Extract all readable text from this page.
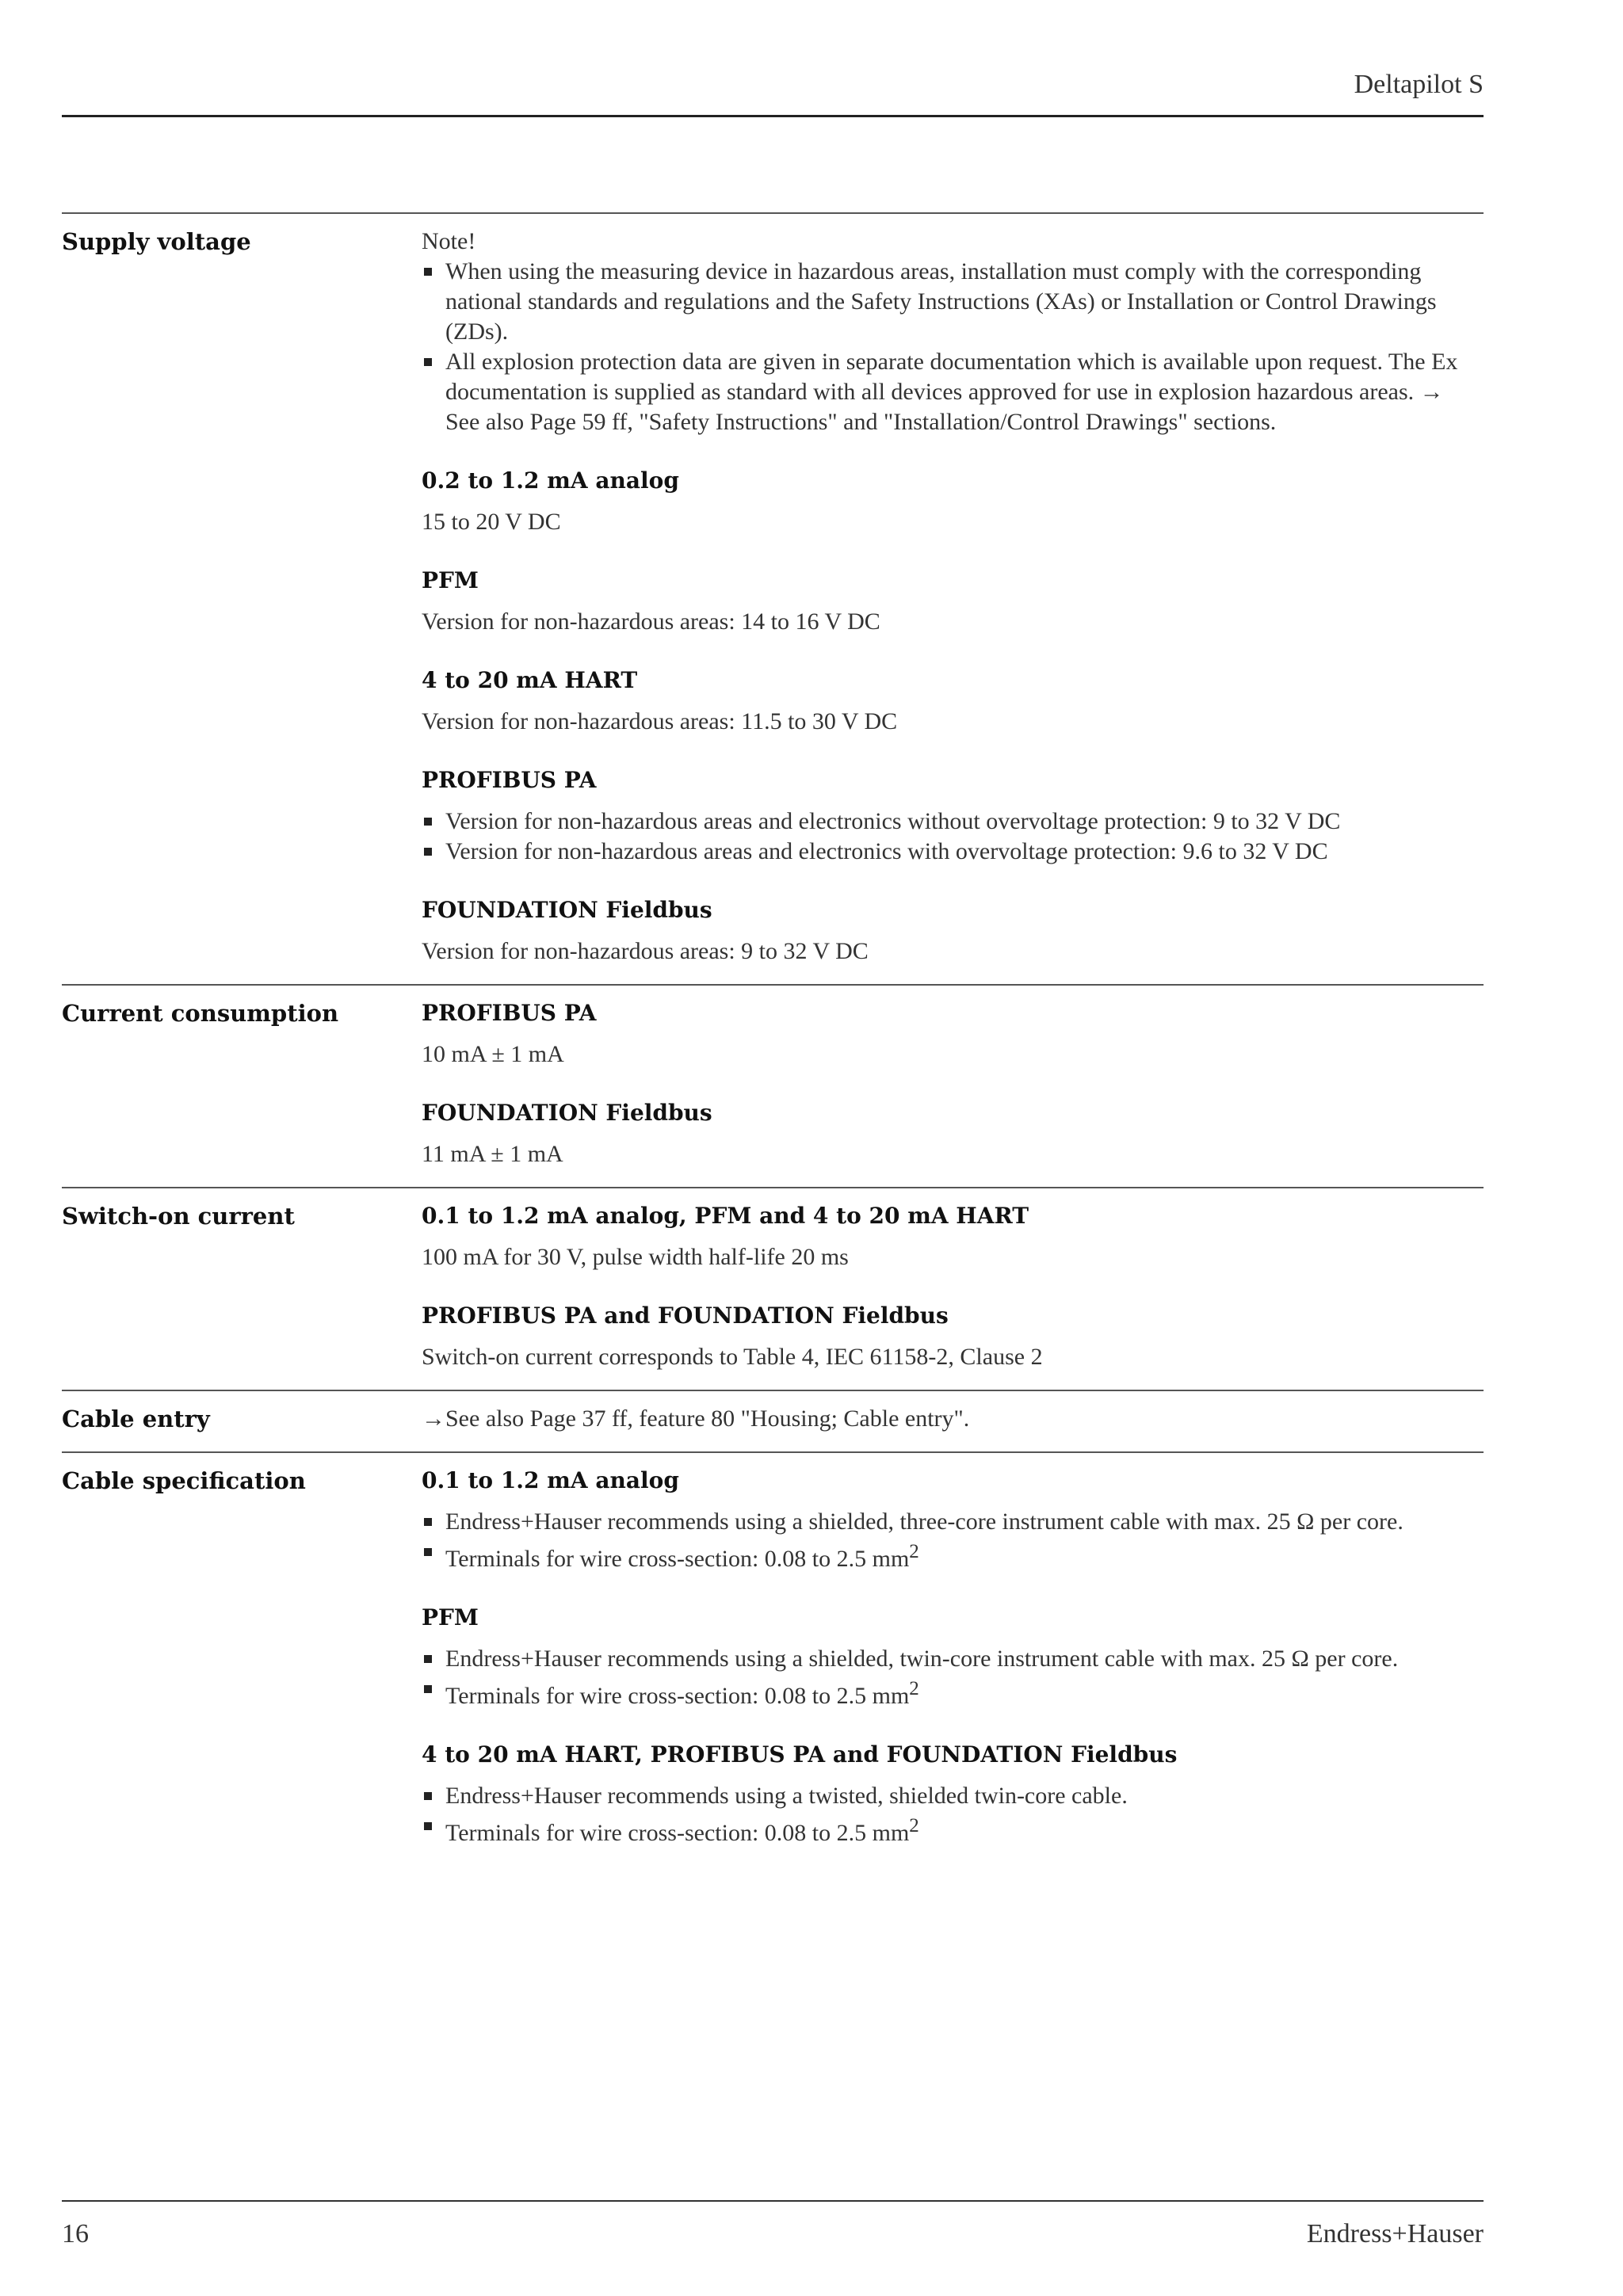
Deltapilot S
Supply voltage	Note!

When using the measuring device in hazardous areas, installation must comply with the corresponding national standards and regulations and the Safety Instructions (XAs) or Installation or Control Drawings (ZDs).
All explosion protection data are given in separate documentation which is available upon request. The Ex documentation is supplied as standard with all devices approved for use in explosion hazardous areas. → See also Page 59 ff, "Safety Instructions" and "Installation/Control Drawings" sections.
0.2 to 1.2 mA analog

15 to 20 V DC

PFM

Version for non-hazardous areas: 14 to 16 V DC

4 to 20 mA HART

Version for non-hazardous areas: 11.5 to 30 V DC

PROFIBUS PA
Version for non-hazardous areas and electronics without overvoltage protection: 9 to 32 V DC
Version for non-hazardous areas and electronics with overvoltage protection: 9.6 to 32 V DC
FOUNDATION Fieldbus

Version for non-hazardous areas: 9 to 32 V DC

Current consumption	PROFIBUS PA

10 mA ± 1 mA

FOUNDATION Fieldbus

11 mA ± 1 mA

Switch-on current	0.1 to 1.2 mA analog, PFM and 4 to 20 mA HART

100 mA for 30 V, pulse width half-life 20 ms

PROFIBUS PA and FOUNDATION Fieldbus

Switch-on current corresponds to Table 4, IEC 61158-2, Clause 2

Cable entry	→See also Page 37 ff, feature 80 "Housing; Cable entry".

Cable specification	0.1 to 1.2 mA analog
Endress+Hauser recommends using a shielded, three-core instrument cable with max. 25 Ω per core.
Terminals for wire cross-section: 0.08 to 2.5 $mm^2$
PFM
Endress+Hauser recommends using a shielded, twin-core instrument cable with max. 25 Ω per core.
Terminals for wire cross-section: 0.08 to 2.5 $mm^2$
4 to 20 mA HART, PROFIBUS PA and FOUNDATION Fieldbus
Endress+Hauser recommends using a twisted, shielded twin-core cable.
Terminals for wire cross-section: 0.08 to 2.5 $mm^2$
16	Endress+Hauser
